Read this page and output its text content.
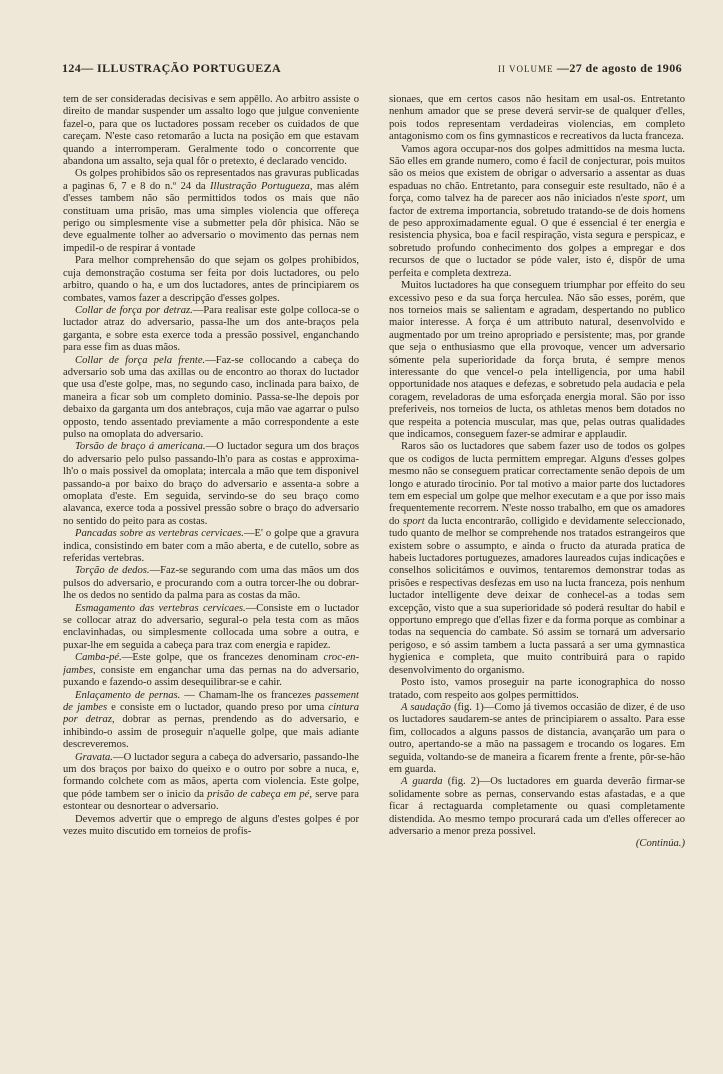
124— ILLUSTRAÇÃO PORTUGUEZA	II VOLUME —27 de agosto de 1906

tem de ser consideradas decisivas e sem appêllo. Ao arbitro assiste o direito de mandar suspender um assalto logo que julgue conveniente fazel-o, para que os luctadores possam receber os cuidados de que careçam. N'este caso retomarão a lucta na posição em que estavam quando a interromperam. Geralmente todo o concorrente que abandona um assalto, seja qual fôr o pretexto, é declarado vencido.

Os golpes prohibidos são os representados nas gravuras publicadas a paginas 6, 7 e 8 do n.º 24 da Illustração Portugueza, mas além d'esses tambem não são permittidos todos os mais que não constituam uma prisão, mas uma simples violencia que offereça perigo ou simplesmente vise a submetter pela dôr phisica. Não se deve egualmente tolher ao adversario o movimento das pernas nem impedil-o de respirar á vontade

Para melhor comprehensão do que sejam os golpes prohibidos, cuja demonstração costuma ser feita por dois luctadores, ou pelo arbitro, quando o ha, e um dos luctadores, antes de principiarem os combates, vamos fazer a descripção d'esses golpes.

Collar de força por detraz.—Para realisar este golpe colloca-se o luctador atraz do adversario, passa-lhe um dos ante-braços pela garganta, e sobre esta exerce toda a pressão possivel, enganchando para esse fim as duas mãos.

Collar de força pela frente.—Faz-se collocando a cabeça do adversario sob uma das axillas ou de encontro ao thorax do luctador que usa d'este golpe, mas, no segundo caso, inclinada para baixo, de maneira a ficar sob um completo dominio. Passa-se-lhe depois por debaixo da garganta um dos antebraços, cuja mão vae agarrar o pulso opposto, tendo assentado previamente a mão correspondente a este pulso na omoplata do adversario.

Torsão de braço á americana.—O luctador segura um dos braços do adversario pelo pulso passando-lh'o para as costas e approxima-lh'o o mais possivel da omoplata; intercala a mão que tem disponivel passando-a por baixo do braço do adversario e assenta-a sobre a omoplata d'este. Em seguida, servindo-se do seu braço como alavanca, exerce toda a possivel pressão sobre o braço do adversario no sentido do peito para as costas.

Pancadas sobre as vertebras cervicaes.—E' o golpe que a gravura indica, consistindo em bater com a mão aberta, e de cutello, sobre as referidas vertebras.

Torção de dedos.—Faz-se segurando com uma das mãos um dos pulsos do adversario, e procurando com a outra torcer-lhe ou dobrar-lhe os dedos no sentido da palma para as costas da mão.

Esmagamento das vertebras cervicaes.—Consiste em o luctador se collocar atraz do adversario, segural-o pela testa com as mãos enclavinhadas, ou simplesmente collocada uma sobre a outra, e puxar-lhe em seguida a cabeça para traz com energia e rapidez.

Camba-pé.—Este golpe, que os francezes denominam croc-en-jambes, consiste em enganchar uma das pernas na do adversario, puxando e fazendo-o assim desequilibrar-se e cahir.

Enlaçamento de pernas. — Chamam-lhe os francezes passement de jambes e consiste em o luctador, quando preso por uma cintura por detraz, dobrar as pernas, prendendo as do adversario, e inhibindo-o assim de proseguir n'aquelle golpe, que mais adiante descreveremos.

Gravata.—O luctador segura a cabeça do adversario, passando-lhe um dos braços por baixo do queixo e o outro por sobre a nuca, e, formando colchete com as mãos, aperta com violencia. Este golpe, que póde tambem ser o inicio da prisão de cabeça em pé, serve para estontear ou desnortear o adversario.

Devemos advertir que o emprego de alguns d'estes golpes é por vezes muito discutido em torneios de profis-

sionaes, que em certos casos não hesitam em usal-os. Entretanto nenhum amador que se prese deverá servir-se de qualquer d'elles, pois todos representam verdadeiras violencias, em completo antagonismo com os fins gymnasticos e recreativos da lucta franceza.

Vamos agora occupar-nos dos golpes admittidos na mesma lucta. São elles em grande numero, como é facil de conjecturar, pois muitos são os meios que existem de obrigar o adversario a assentar as duas espaduas no chão. Entretanto, para conseguir este resultado, não é a força, como talvez ha de parecer aos não iniciados n'este sport, um factor de extrema importancia, sobretudo tratando-se de dois homens de peso approximadamente egual. O que é essencial é ter energia e resistencia physica, boa e facil respiração, vista segura e perspicaz, e sobretudo profundo conhecimento dos golpes a empregar e dos recursos de que o luctador se póde valer, isto é, dispôr de uma perfeita e completa dextreza.

Muitos luctadores ha que conseguem triumphar por effeito do seu excessivo peso e da sua força herculea. Não são esses, porém, que nos torneios mais se salientam e agradam, despertando no publico maior interesse. A força é um attributo natural, desenvolvido e augmentado por um treino apropriado e persistente; mas, por grande que seja o enthusiasmo que ella provoque, vencer um adversario sómente pela superioridade da força bruta, é sempre menos interessante do que vencel-o pela intelligencia, por uma habil opportunidade nos ataques e defezas, e sobretudo pela audacia e pela coragem, reveladoras de uma esforçada energia moral. São por isso preferiveis, nos torneios de lucta, os athletas menos bem dotados no que respeita a potencia muscular, mas que, pelas outras qualidades que indicamos, conseguem fazer-se admirar e applaudir.

Raros são os luctadores que sabem fazer uso de todos os golpes que os codigos de lucta permittem empregar. Alguns d'esses golpes mesmo não se conseguem praticar correctamente senão depois de um longo e aturado tirocinio. Por tal motivo a maior parte dos luctadores tem em especial um golpe que melhor executam e a que por isso mais frequentemente recorrem. N'este nosso trabalho, em que os amadores do sport da lucta encontrarão, colligido e devidamente seleccionado, tudo quanto de melhor se comprehende nos tratados estrangeiros que existem sobre o assumpto, e ainda o fructo da aturada pratica de habeis luctadores portuguezes, amadores laureados cujas indicações e conselhos solicitámos e ouvimos, tentaremos demonstrar todas as prisões e respectivas desfezas em uso na lucta franceza, pois nenhum luctador intelligente deve deixar de conhecel-as a todas sem excepção, visto que a sua superioridade só poderá resultar do habil e opportuno emprego que d'ellas fizer e da forma porque as combinar a todas na sequencia do cambate. Só assim se tornará um adversario perigoso, e só assim tambem a lucta passará a ser uma gymnastica hygienica e completa, que muito contribuirá para o rapido desenvolvimento do organismo.

Posto isto, vamos proseguir na parte iconographica do nosso tratado, com respeito aos golpes permittidos.

A saudação (fig. 1)—Como já tivemos occasião de dizer, é de uso os luctadores saudarem-se antes de principiarem o assalto. Para esse fim, collocados a alguns passos de distancia, avançarão um para o outro, apertando-se a mão na passagem e trocando os logares. Em seguida, voltando-se de maneira a ficarem frente a frente, pôr-se-hão em guarda.

A guarda (fig. 2)—Os luctadores em guarda deverão firmar-se solidamente sobre as pernas, conservando estas afastadas, e a que ficar á rectaguarda completamente ou quasi completamente distendida. Ao mesmo tempo procurará cada um d'elles offerecer ao adversario a menor preza possivel.
(Continúa.)
